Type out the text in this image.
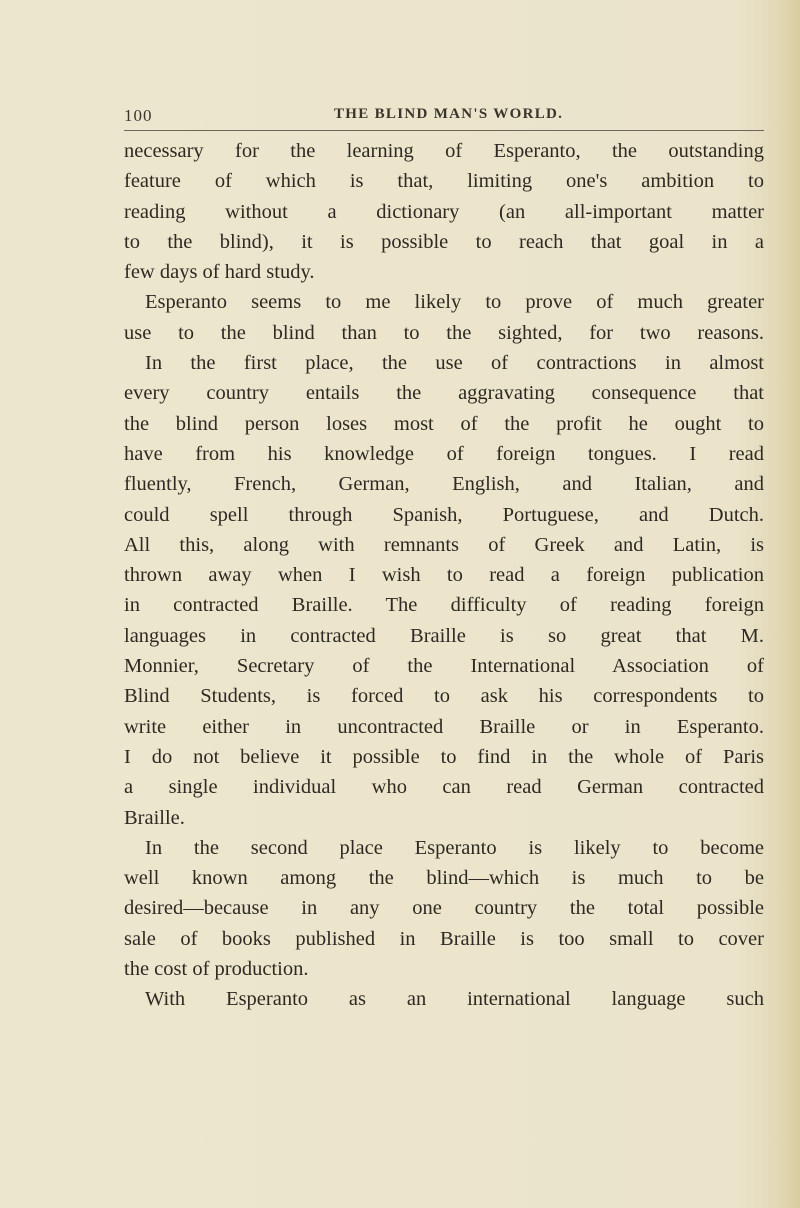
100	THE BLIND MAN'S WORLD.
necessary for the learning of Esperanto, the outstanding
feature of which is that, limiting one's ambition to
reading without a dictionary (an all-important matter
to the blind), it is possible to reach that goal in a
few days of hard study.
Esperanto seems to me likely to prove of much greater
use to the blind than to the sighted, for two reasons.
In the first place, the use of contractions in almost
every country entails the aggravating consequence that
the blind person loses most of the profit he ought to
have from his knowledge of foreign tongues. I read
fluently, French, German, English, and Italian, and
could spell through Spanish, Portuguese, and Dutch.
All this, along with remnants of Greek and Latin, is
thrown away when I wish to read a foreign publication
in contracted Braille. The difficulty of reading foreign
languages in contracted Braille is so great that M.
Monnier, Secretary of the International Association of
Blind Students, is forced to ask his correspondents to
write either in uncontracted Braille or in Esperanto.
I do not believe it possible to find in the whole of Paris
a single individual who can read German contracted
Braille.
In the second place Esperanto is likely to become
well known among the blind—which is much to be
desired—because in any one country the total possible
sale of books published in Braille is too small to cover
the cost of production.
With Esperanto as an international language such
